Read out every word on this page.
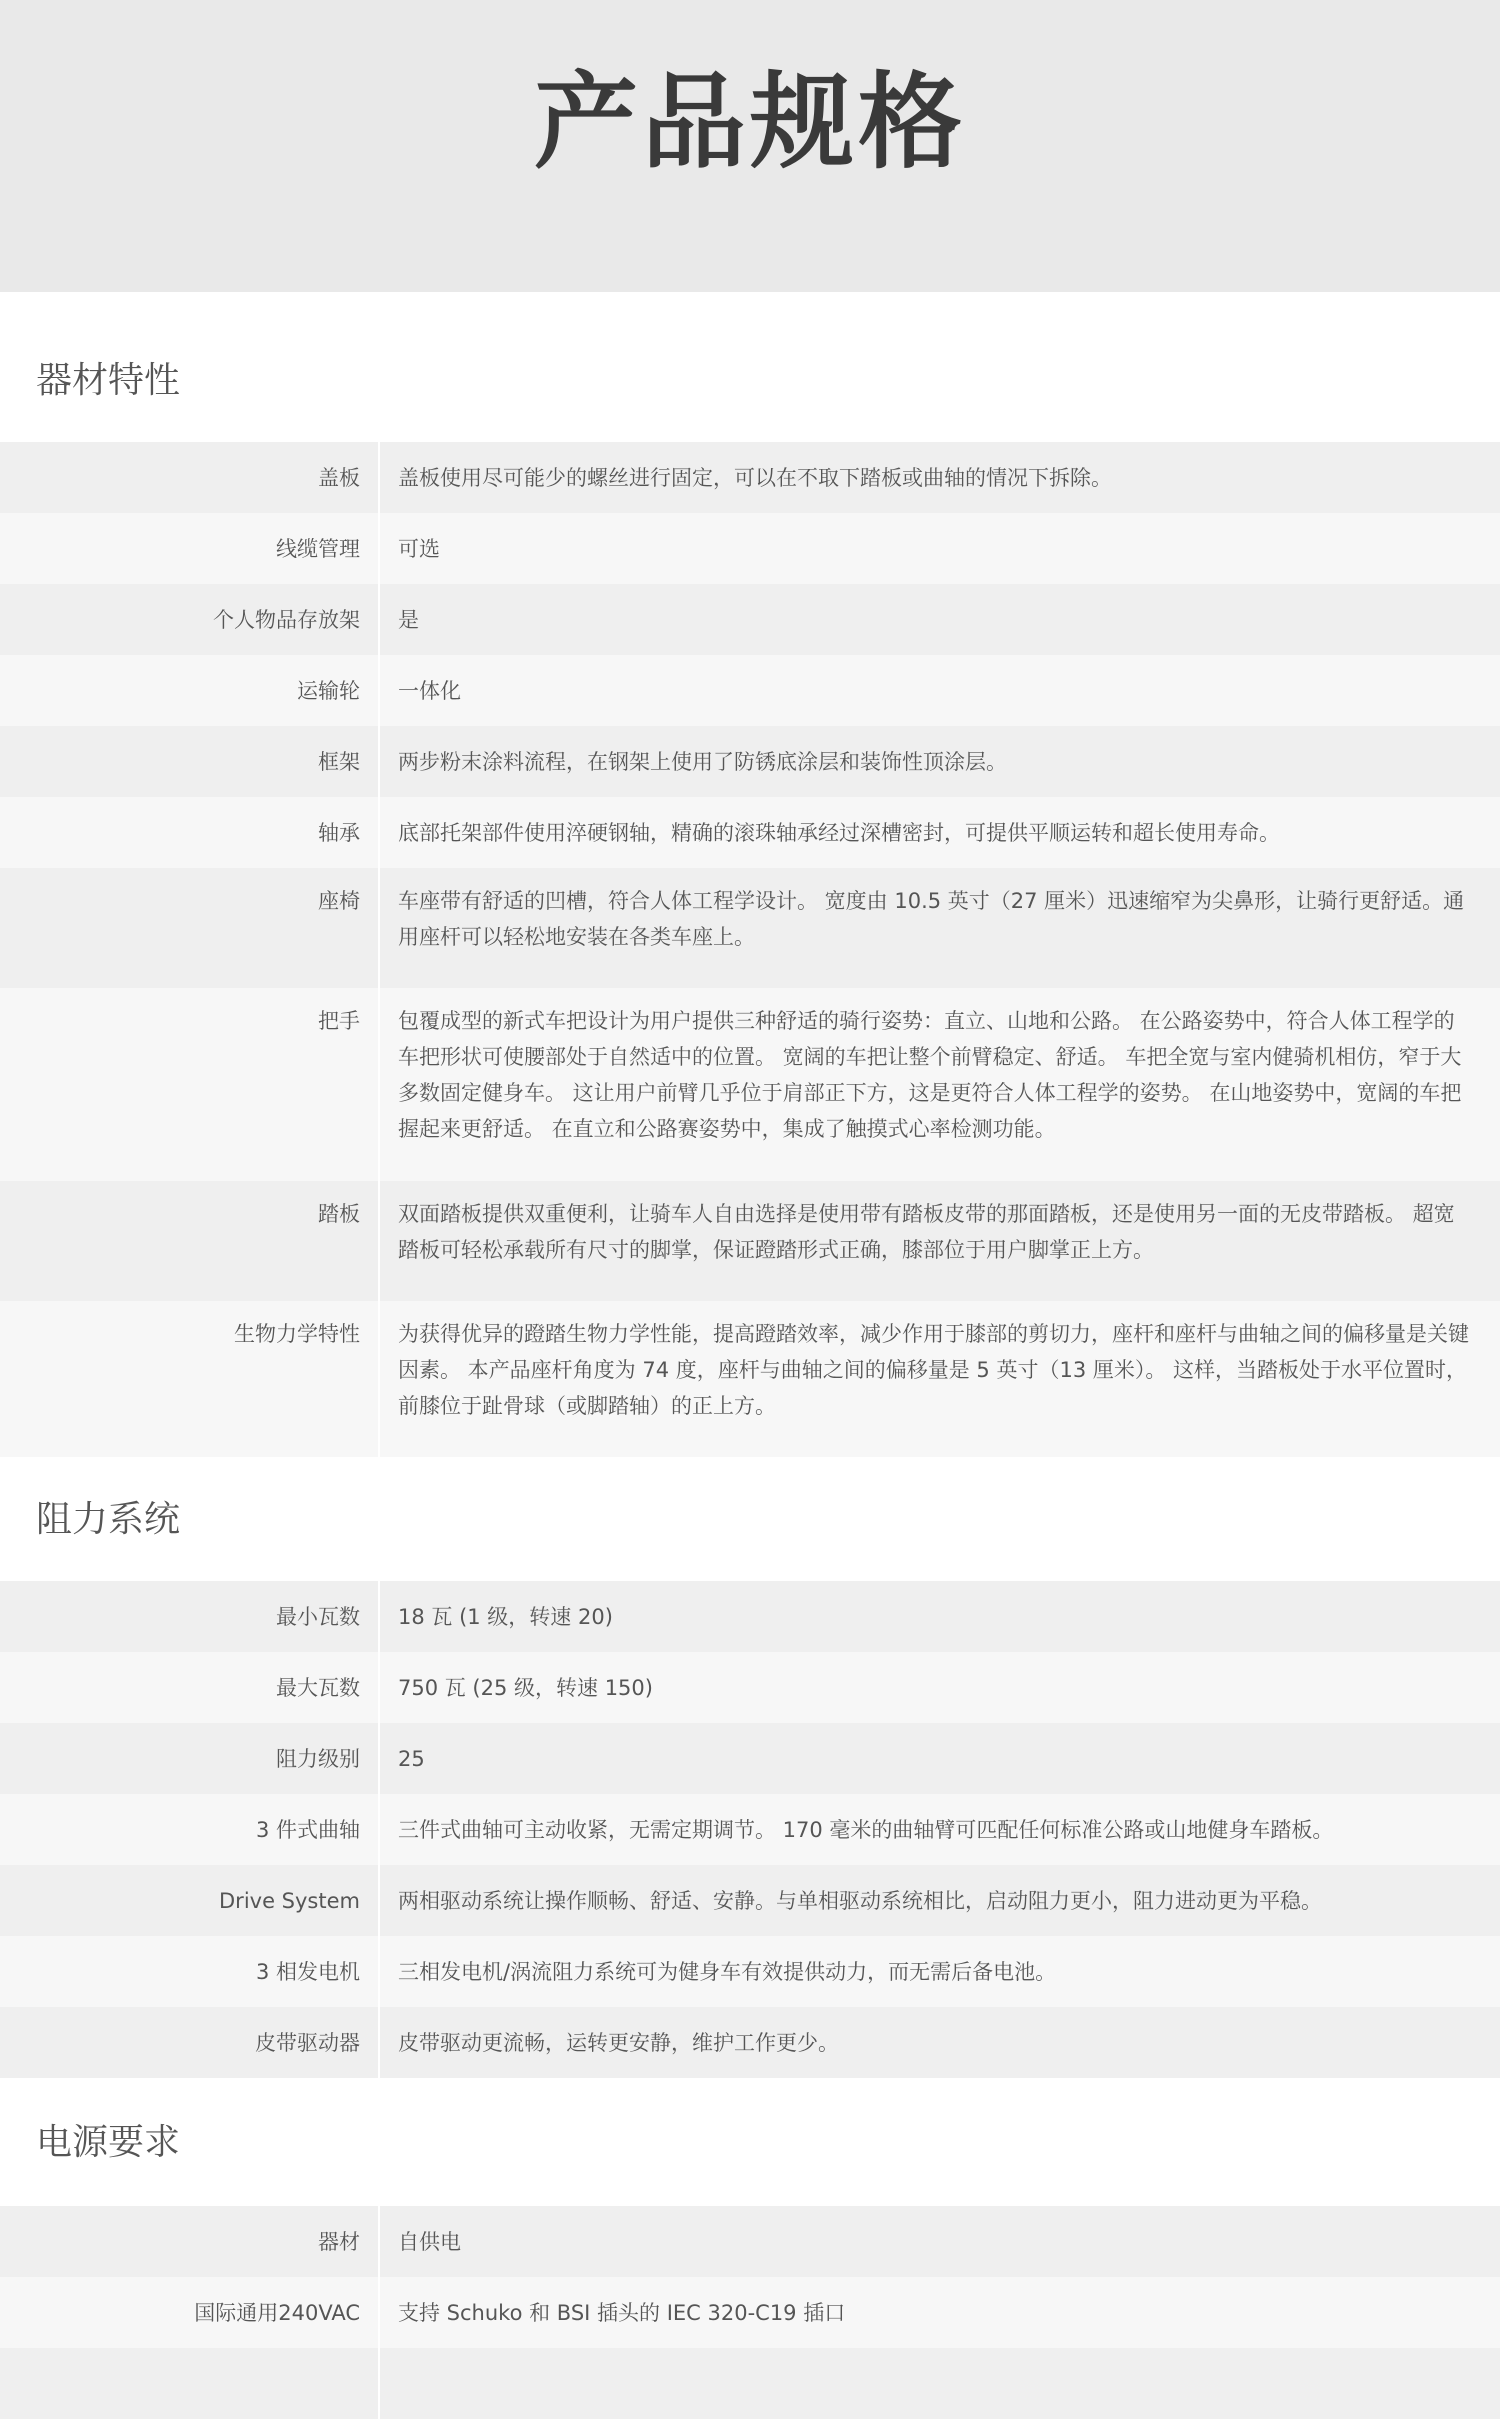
产品规格
器材特性
盖板	盖板使用尽可能少的螺丝进行固定，可以在不取下踏板或曲轴的情况下拆除。
线缆管理	可选
个人物品存放架	是
运输轮	一体化
框架	两步粉末涂料流程，在钢架上使用了防锈底涂层和装饰性顶涂层。
轴承	底部托架部件使用淬硬钢轴，精确的滚珠轴承经过深槽密封，可提供平顺运转和超长使用寿命。
座椅	车座带有舒适的凹槽，符合人体工程学设计。 宽度由 10.5 英寸（27 厘米）迅速缩窄为尖鼻形，让骑行更舒适。通用座杆可以轻松地安装在各类车座上。
把手	包覆成型的新式车把设计为用户提供三种舒适的骑行姿势：直立、山地和公路。 在公路姿势中，符合人体工程学的车把形状可使腰部处于自然适中的位置。 宽阔的车把让整个前臂稳定、舒适。 车把全宽与室内健骑机相仿，窄于大多数固定健身车。 这让用户前臂几乎位于肩部正下方，这是更符合人体工程学的姿势。 在山地姿势中，宽阔的车把握起来更舒适。 在直立和公路赛姿势中，集成了触摸式心率检测功能。
踏板	双面踏板提供双重便利，让骑车人自由选择是使用带有踏板皮带的那面踏板，还是使用另一面的无皮带踏板。 超宽踏板可轻松承载所有尺寸的脚掌，保证蹬踏形式正确，膝部位于用户脚掌正上方。
生物力学特性	为获得优异的蹬踏生物力学性能，提高蹬踏效率，减少作用于膝部的剪切力，座杆和座杆与曲轴之间的偏移量是关键因素。 本产品座杆角度为 74 度，座杆与曲轴之间的偏移量是 5 英寸（13 厘米）。 这样，当踏板处于水平位置时，前膝位于趾骨球（或脚踏轴）的正上方。
阻力系统
最小瓦数	18 瓦 (1 级，转速 20)
最大瓦数	750 瓦 (25 级，转速 150)
阻力级别	25
3 件式曲轴	三件式曲轴可主动收紧，无需定期调节。 170 毫米的曲轴臂可匹配任何标准公路或山地健身车踏板。
Drive System	两相驱动系统让操作顺畅、舒适、安静。与单相驱动系统相比，启动阻力更小，阻力进动更为平稳。
3 相发电机	三相发电机/涡流阻力系统可为健身车有效提供动力，而无需后备电池。
皮带驱动器	皮带驱动更流畅，运转更安静，维护工作更少。
电源要求
器材	自供电
国际通用240VAC	支持 Schuko 和 BSI 插头的 IEC 320-C19 插口
